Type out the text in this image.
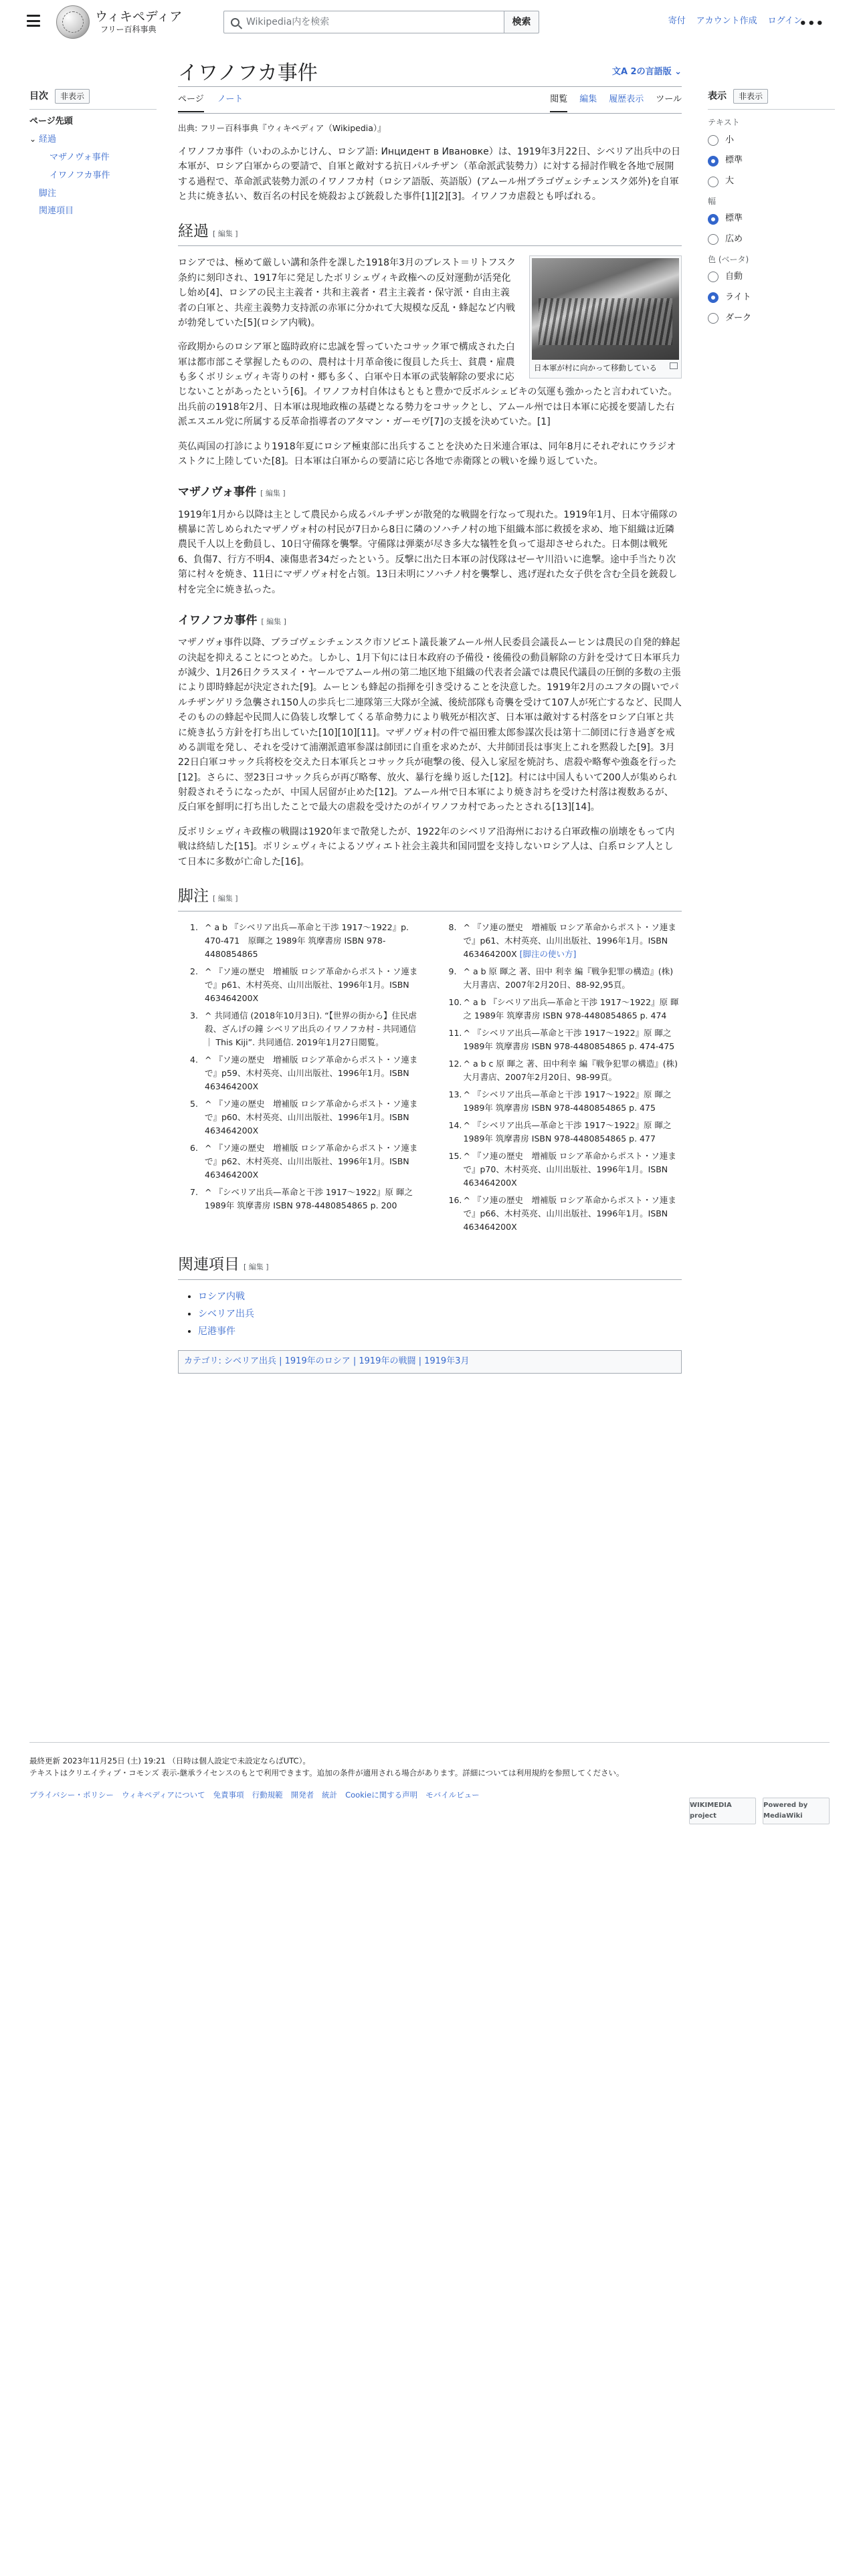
ウィキペディア
フリー百科事典
Wikipedia内を検索	検索	寄付 アカウント作成 ログイン
•••
目次	非表示
ページ先頭
⌄ 経過
マザノヴォ事件
イワノフカ事件
脚注
関連項目
イワノフカ事件	文A 2の言語版 ⌄
ページ ノート	閲覧 編集 履歴表示 ツール
出典: フリー百科事典『ウィキペディア（Wikipedia）』

イワノフカ事件（いわのふかじけん、ロシア語: Инцидент в Ивановке）は、1919年3月22日、シベリア出兵中の日本軍が、ロシア白軍からの要請で、自軍と敵対する抗日パルチザン（革命派武装勢力）に対する掃討作戦を各地で展開する過程で、革命派武装勢力派のイワノフカ村（ロシア語版、英語版）(アムール州ブラゴヴェシチェンスク郊外)を自軍と共に焼き払い、数百名の村民を焼殺および銃殺した事件[1][2][3]。イワノフカ虐殺とも呼ばれる。

経過 [ 編集 ]
日本軍が村に向かって移動している

ロシアでは、極めて厳しい講和条件を課した1918年3月のブレスト＝リトフスク条約に刻印され、1917年に発足したボリシェヴィキ政権への反対運動が活発化し始め[4]、ロシアの民主主義者・共和主義者・君主主義者・保守派・自由主義者の白軍と、共産主義勢力支持派の赤軍に分かれて大規模な反乱・蜂起など内戦が勃発していた[5](ロシア内戦)。

帝政期からのロシア軍と臨時政府に忠誠を誓っていたコサック軍で構成された白軍は都市部こそ掌握したものの、農村は十月革命後に復員した兵士、貧農・雇農も多くボリシェヴィキ寄りの村・郷も多く、白軍や日本軍の武装解除の要求に応じないことがあったという[6]。イワノフカ村自体はもともと豊かで反ボルシェビキの気運も強かったと言われていた。出兵前の1918年2月、日本軍は現地政権の基礎となる勢力をコサックとし、アムール州では日本軍に応援を要請した右派エスエル党に所属する反革命指導者のアタマン・ガーモヴ[7]の支援を決めていた。[1]

英仏両国の打診により1918年夏にロシア極東部に出兵することを決めた日米連合軍は、同年8月にそれぞれにウラジオストクに上陸していた[8]。日本軍は白軍からの要請に応じ各地で赤衛隊との戦いを繰り返していた。

マザノヴォ事件 [ 編集 ]

1919年1月から以降は主として農民から成るパルチザンが散発的な戦闘を行なって現れた。1919年1月、日本守備隊の横暴に苦しめられたマザノヴォ村の村民が7日から8日に隣のソハチノ村の地下組織本部に救援を求め、地下組織は近隣農民千人以上を動員し、10日守備隊を襲撃。守備隊は弾薬が尽き多大な犠牲を負って退却させられた。日本側は戦死6、負傷7、行方不明4、凍傷患者34だったという。反撃に出た日本軍の討伐隊はゼーヤ川沿いに進撃。途中手当たり次第に村々を焼き、11日にマザノヴォ村を占領。13日未明にソハチノ村を襲撃し、逃げ遅れた女子供を含む全員を銃殺し村を完全に焼き払った。

イワノフカ事件 [ 編集 ]

マザノヴォ事件以降、ブラゴヴェシチェンスク市ソビエト議長兼アムール州人民委員会議長ムーヒンは農民の自発的蜂起の決起を抑えることにつとめた。しかし、1月下旬には日本政府の予備役・後備役の動員解除の方針を受けて日本軍兵力が減少、1月26日クラスヌイ・ヤールでアムール州の第二地区地下組織の代表者会議では農民代議員の圧倒的多数の主張により即時蜂起が決定された[9]。ムーヒンも蜂起の指揮を引き受けることを決意した。1919年2月のユフタの闘いでパルチザンゲリラ急襲され150人の歩兵七二連隊第三大隊が全滅、後続部隊も奇襲を受けて107人が死亡するなど、民間人そのものの蜂起や民間人に偽装し攻撃してくる革命勢力により戦死が相次ぎ、日本軍は敵対する村落をロシア白軍と共に焼き払う方針を打ち出していた[10][10][11]。マザノヴォ村の件で福田雅太郎参謀次長は第十二師団に行き過ぎを戒める訓電を発し、それを受けて浦潮派遣軍参謀は師団に自重を求めたが、大井師団長は事実上これを黙殺した[9]。3月22日白軍コサック兵将校を交えた日本軍兵とコサック兵が砲撃の後、侵入し家屋を焼討ち、虐殺や略奪や強姦を行った[12]。さらに、翌23日コサック兵らが再び略奪、放火、暴行を繰り返した[12]。村には中国人もいて200人が集められ射殺されそうになったが、中国人居留が止めた[12]。アムール州で日本軍により焼き討ちを受けた村落は複数あるが、反白軍を鮮明に打ち出したことで最大の虐殺を受けたのがイワノフカ村であったとされる[13][14]。

反ボリシェヴィキ政権の戦闘は1920年まで散発したが、1922年のシベリア沿海州における白軍政権の崩壊をもって内戦は終結した[15]。ボリシェヴィキによるソヴィエト社会主義共和国同盟を支持しないロシア人は、白系ロシア人として日本に多数が亡命した[16]。

脚注 [ 編集 ]
1. ^ a b 『シベリア出兵—革命と干渉 1917〜1922』p. 470-471　原暉之 1989年 筑摩書房 ISBN 978-4480854865
2. ^ 『ソ連の歴史　増補版 ロシア革命からポスト・ソ連まで』p61、木村英亮、山川出版社、1996年1月。ISBN 463464200X
3. ^ 共同通信 (2018年10月3日). “【世界の街から】住民虐殺、ざんげの鐘 シベリア出兵のイワノフカ村 - 共同通信 ｜ This Kiji”. 共同通信. 2019年1月27日閲覧。
4. ^ 『ソ連の歴史　増補版 ロシア革命からポスト・ソ連まで』p59、木村英亮、山川出版社、1996年1月。ISBN 463464200X
5. ^ 『ソ連の歴史　増補版 ロシア革命からポスト・ソ連まで』p60、木村英亮、山川出版社、1996年1月。ISBN 463464200X
6. ^ 『ソ連の歴史　増補版 ロシア革命からポスト・ソ連まで』p62、木村英亮、山川出版社、1996年1月。ISBN 463464200X
7. ^ 『シベリア出兵—革命と干渉 1917〜1922』原 暉之 1989年 筑摩書房 ISBN 978-4480854865 p. 200
8. ^ 『ソ連の歴史　増補版 ロシア革命からポスト・ソ連まで』p61、木村英亮、山川出版社、1996年1月。ISBN 463464200X [脚注の使い方]
9. ^ a b 原 暉之 著、田中 利幸 編『戦争犯罪の構造』(株) 大月書店、2007年2月20日、88-92,95頁。
10. ^ a b 『シベリア出兵—革命と干渉 1917〜1922』原 暉之 1989年 筑摩書房 ISBN 978-4480854865 p. 474
11. ^ 『シベリア出兵—革命と干渉 1917〜1922』原 暉之 1989年 筑摩書房 ISBN 978-4480854865 p. 474-475
12. ^ a b c 原 暉之 著、田中利幸 編『戦争犯罪の構造』(株) 大月書店、2007年2月20日、98-99頁。
13. ^ 『シベリア出兵—革命と干渉 1917〜1922』原 暉之 1989年 筑摩書房 ISBN 978-4480854865 p. 475
14. ^ 『シベリア出兵—革命と干渉 1917〜1922』原 暉之 1989年 筑摩書房 ISBN 978-4480854865 p. 477
15. ^ 『ソ連の歴史　増補版 ロシア革命からポスト・ソ連まで』p70、木村英亮、山川出版社、1996年1月。ISBN 463464200X
16. ^ 『ソ連の歴史　増補版 ロシア革命からポスト・ソ連まで』p66、木村英亮、山川出版社、1996年1月。ISBN 463464200X
関連項目 [ 編集 ]
• ロシア内戦
• シベリア出兵
• 尼港事件
カテゴリ: シベリア出兵 | 1919年のロシア | 1919年の戦闘 | 1919年3月
表示	非表示
テキスト
小
標準
大
幅
標準
広め
色 (ベータ)
自動
ライト
ダーク
最終更新 2023年11月25日 (土) 19:21 （日時は個人設定で未設定ならばUTC）。
テキストはクリエイティブ・コモンズ 表示-継承ライセンスのもとで利用できます。追加の条件が適用される場合があります。詳細については利用規約を参照してください。
プライバシー・ポリシー ウィキペディアについて 免責事項 行動規範 開発者 統計 Cookieに関する声明 モバイルビュー
WIKIMEDIA project
Powered by MediaWiki
